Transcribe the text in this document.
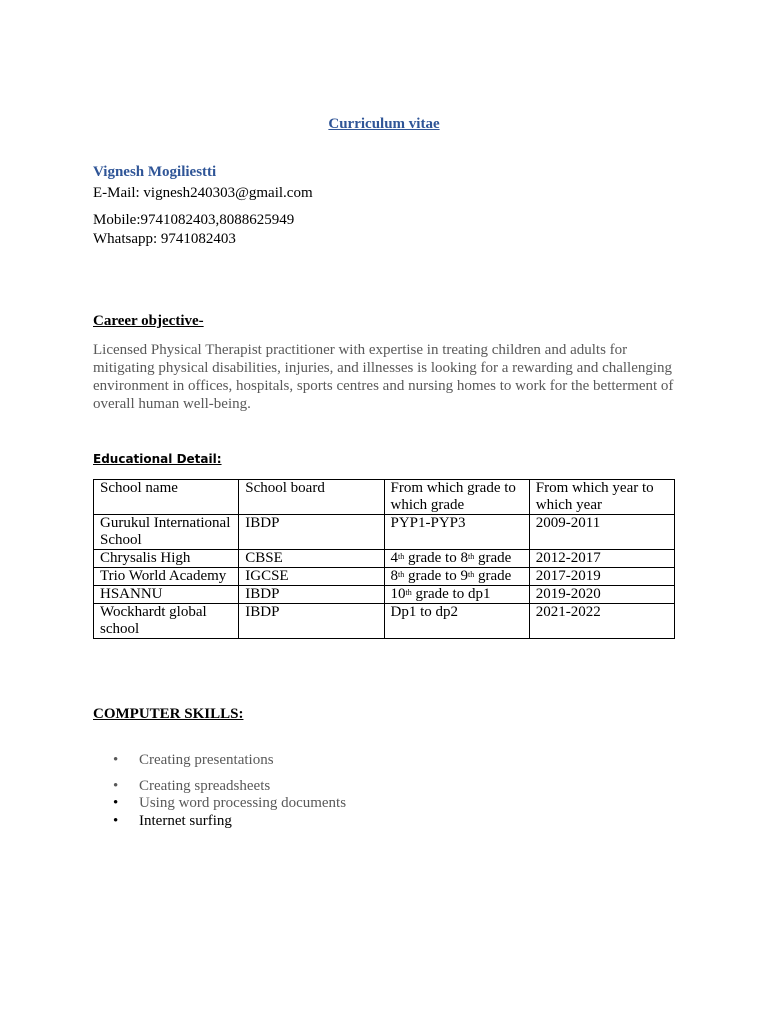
Curriculum vitae
Vignesh Mogiliestti
E-Mail: vignesh240303@gmail.com
Mobile:9741082403,8088625949
Whatsapp: 9741082403
Career objective-
Licensed Physical Therapist practitioner with expertise in treating children and adults for mitigating physical disabilities, injuries, and illnesses is looking for a rewarding and challenging environment in offices, hospitals, sports centres and nursing homes to work for the betterment of overall human well-being.
Educational Detail:
School name	School board	From which grade to which grade	From which year to which year
Gurukul International School	IBDP	PYP1-PYP3	2009-2011
Chrysalis High	CBSE	4th grade to 8th grade	2012-2017
Trio World Academy	IGCSE	8th grade to 9th grade	2017-2019
HSANNU	IBDP	10th grade to dp1	2019-2020
Wockhardt global school	IBDP	Dp1 to dp2	2021-2022
COMPUTER SKILLS:
• Creating presentations
• Creating spreadsheets
• Using word processing documents
• Internet surfing
